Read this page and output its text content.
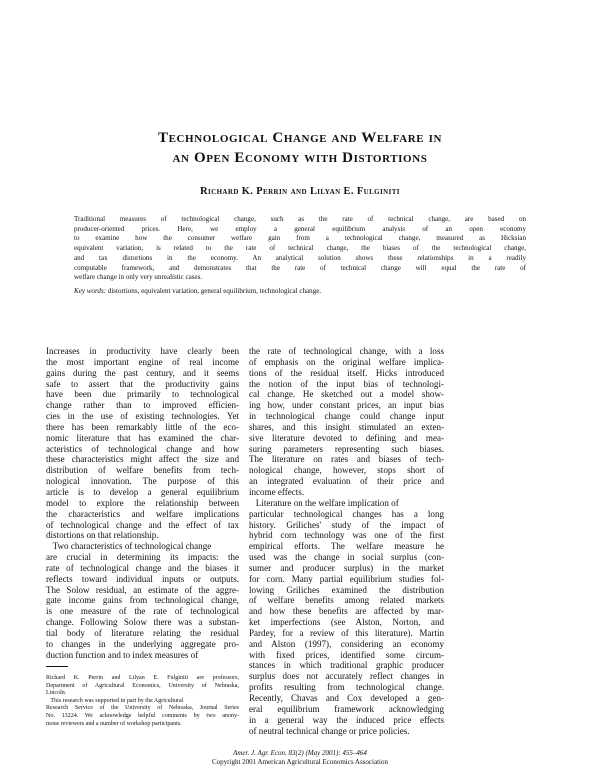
Technological Change and Welfare in
an Open Economy with Distortions
Richard K. Perrin and Lilyan E. Fulginiti

Traditional measures of technological change, such as the rate of technical change, are based on

producer-oriented prices. Here, we employ a general equilibrium analysis of an open economy

to examine how the consumer welfare gain from a technological change, measured as Hicksian

equivalent variation, is related to the rate of technical change, the biases of the technological change,

and tax distortions in the economy. An analytical solution shows these relationships in a readily

computable framework, and demonstrates that the rate of technical change will equal the rate of

welfare change in only very unrealistic cases.

Key words: distortions, equivalent variation, general equilibrium, technological change.

Increases in productivity have clearly been
the most important engine of real income
gains during the past century, and it seems
safe to assert that the productivity gains
have been due primarily to technological
change rather than to improved efficien-
cies in the use of existing technologies. Yet
there has been remarkably little of the eco-
nomic literature that has examined the char-
acteristics of technological change and how
these characteristics might affect the size and
distribution of welfare benefits from tech-
nological innovation. The purpose of this
article is to develop a general equilibrium
model to explore the relationship between
the characteristics and welfare implications
of technological change and the effect of tax
distortions on that relationship.
Two characteristics of technological change
are crucial in determining its impacts: the
rate of technological change and the biases it
reflects toward individual inputs or outputs.
The Solow residual, an estimate of the aggre-
gate income gains from technological change,
is one measure of the rate of technological
change. Following Solow there was a substan-
tial body of literature relating the residual
to changes in the underlying aggregate pro-
duction function and to index measures of
the rate of technological change, with a loss
of emphasis on the original welfare implica-
tions of the residual itself. Hicks introduced
the notion of the input bias of technologi-
cal change. He sketched out a model show-
ing how, under constant prices, an input bias
in technological change could change input
shares, and this insight stimulated an exten-
sive literature devoted to defining and mea-
suring parameters representing such biases.
The literature on rates and biases of tech-
nological change, however, stops short of
an integrated evaluation of their price and
income effects.
Literature on the welfare implication of
particular technological changes has a long
history. Griliches' study of the impact of
hybrid corn technology was one of the first
empirical efforts. The welfare measure he
used was the change in social surplus (con-
sumer and producer surplus) in the market
for corn. Many partial equilibrium studies fol-
lowing Griliches examined the distribution
of welfare benefits among related markets
and how these benefits are affected by mar-
ket imperfections (see Alston, Norton, and
Pardey, for a review of this literature). Martin
and Alston (1997), considering an economy
with fixed prices, identified some circum-
stances in which traditional graphic producer
surplus does not accurately reflect changes in
profits resulting from technological change.
Recently, Chavas and Cox developed a gen-
eral equilibrium framework acknowledging
in a general way the induced price effects
of neutral technical change or price policies.
Richard K. Perrin and Lilyan E. Fulginiti are professors,
Department of Agricultural Economics, University of Nebraska,
Lincoln.
This research was supported in part by the Agricultural
Research Service of the University of Nebraska, Journal Series
No. 13224. We acknowledge helpful comments by two anony-
mous reviewers and a number of workshop participants.
Amer. J. Agr. Econ. 83(2) (May 2001): 455–464
Copyright 2001 American Agricultural Economics Association
